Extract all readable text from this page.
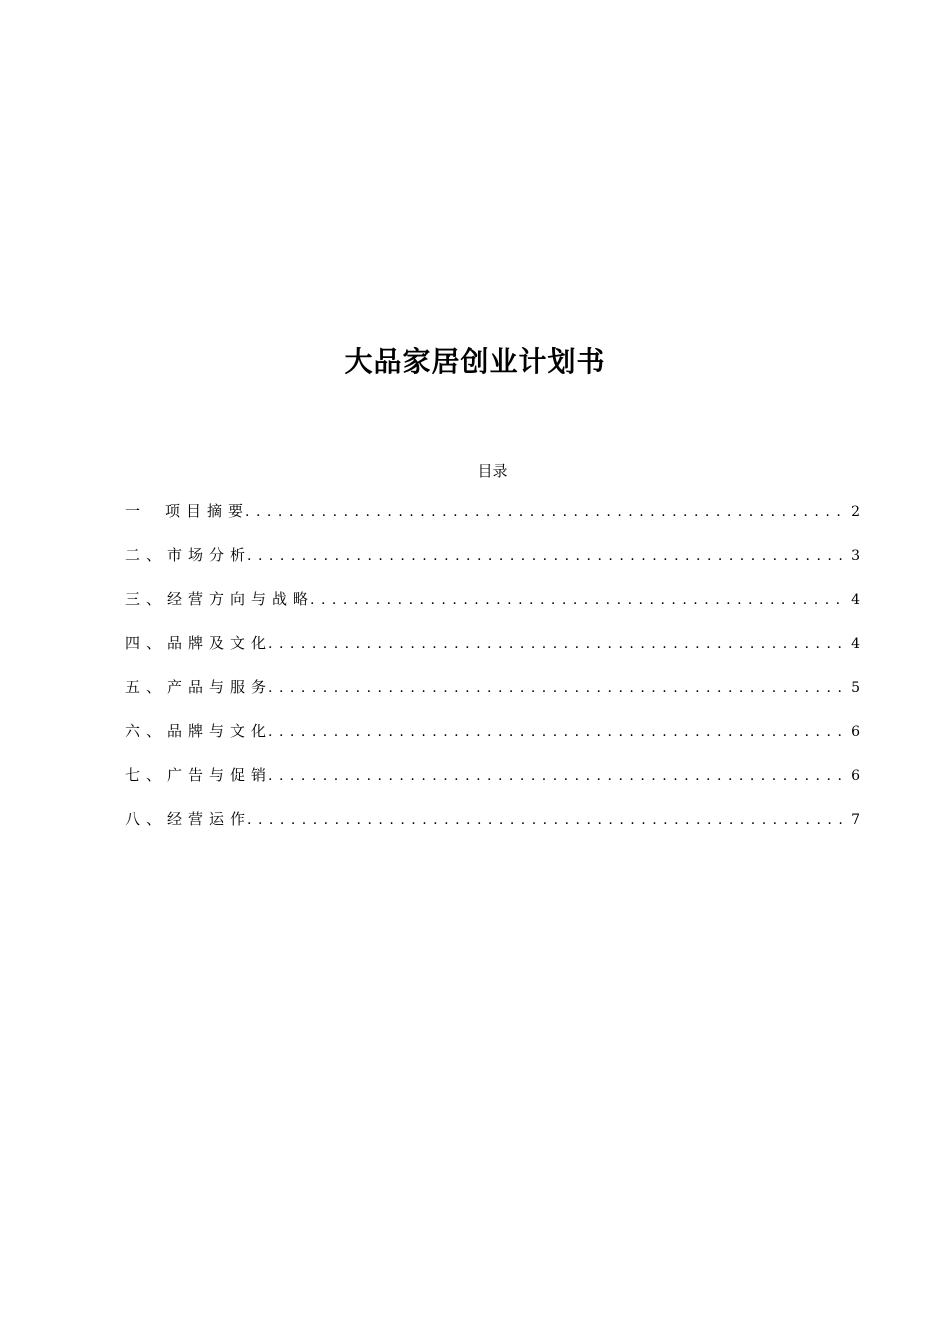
大品家居创业计划书
目录
一	项目摘要 .....	2
二、 市场分析 .....	3
三、 经营方向与战略 .....	4
四、 品牌及文化 .....	4
五、 产品与服务 .....	5
六、 品牌与文化 .....	6
七、 广告与促销 .....	6
八、 经营运作 .....	7
